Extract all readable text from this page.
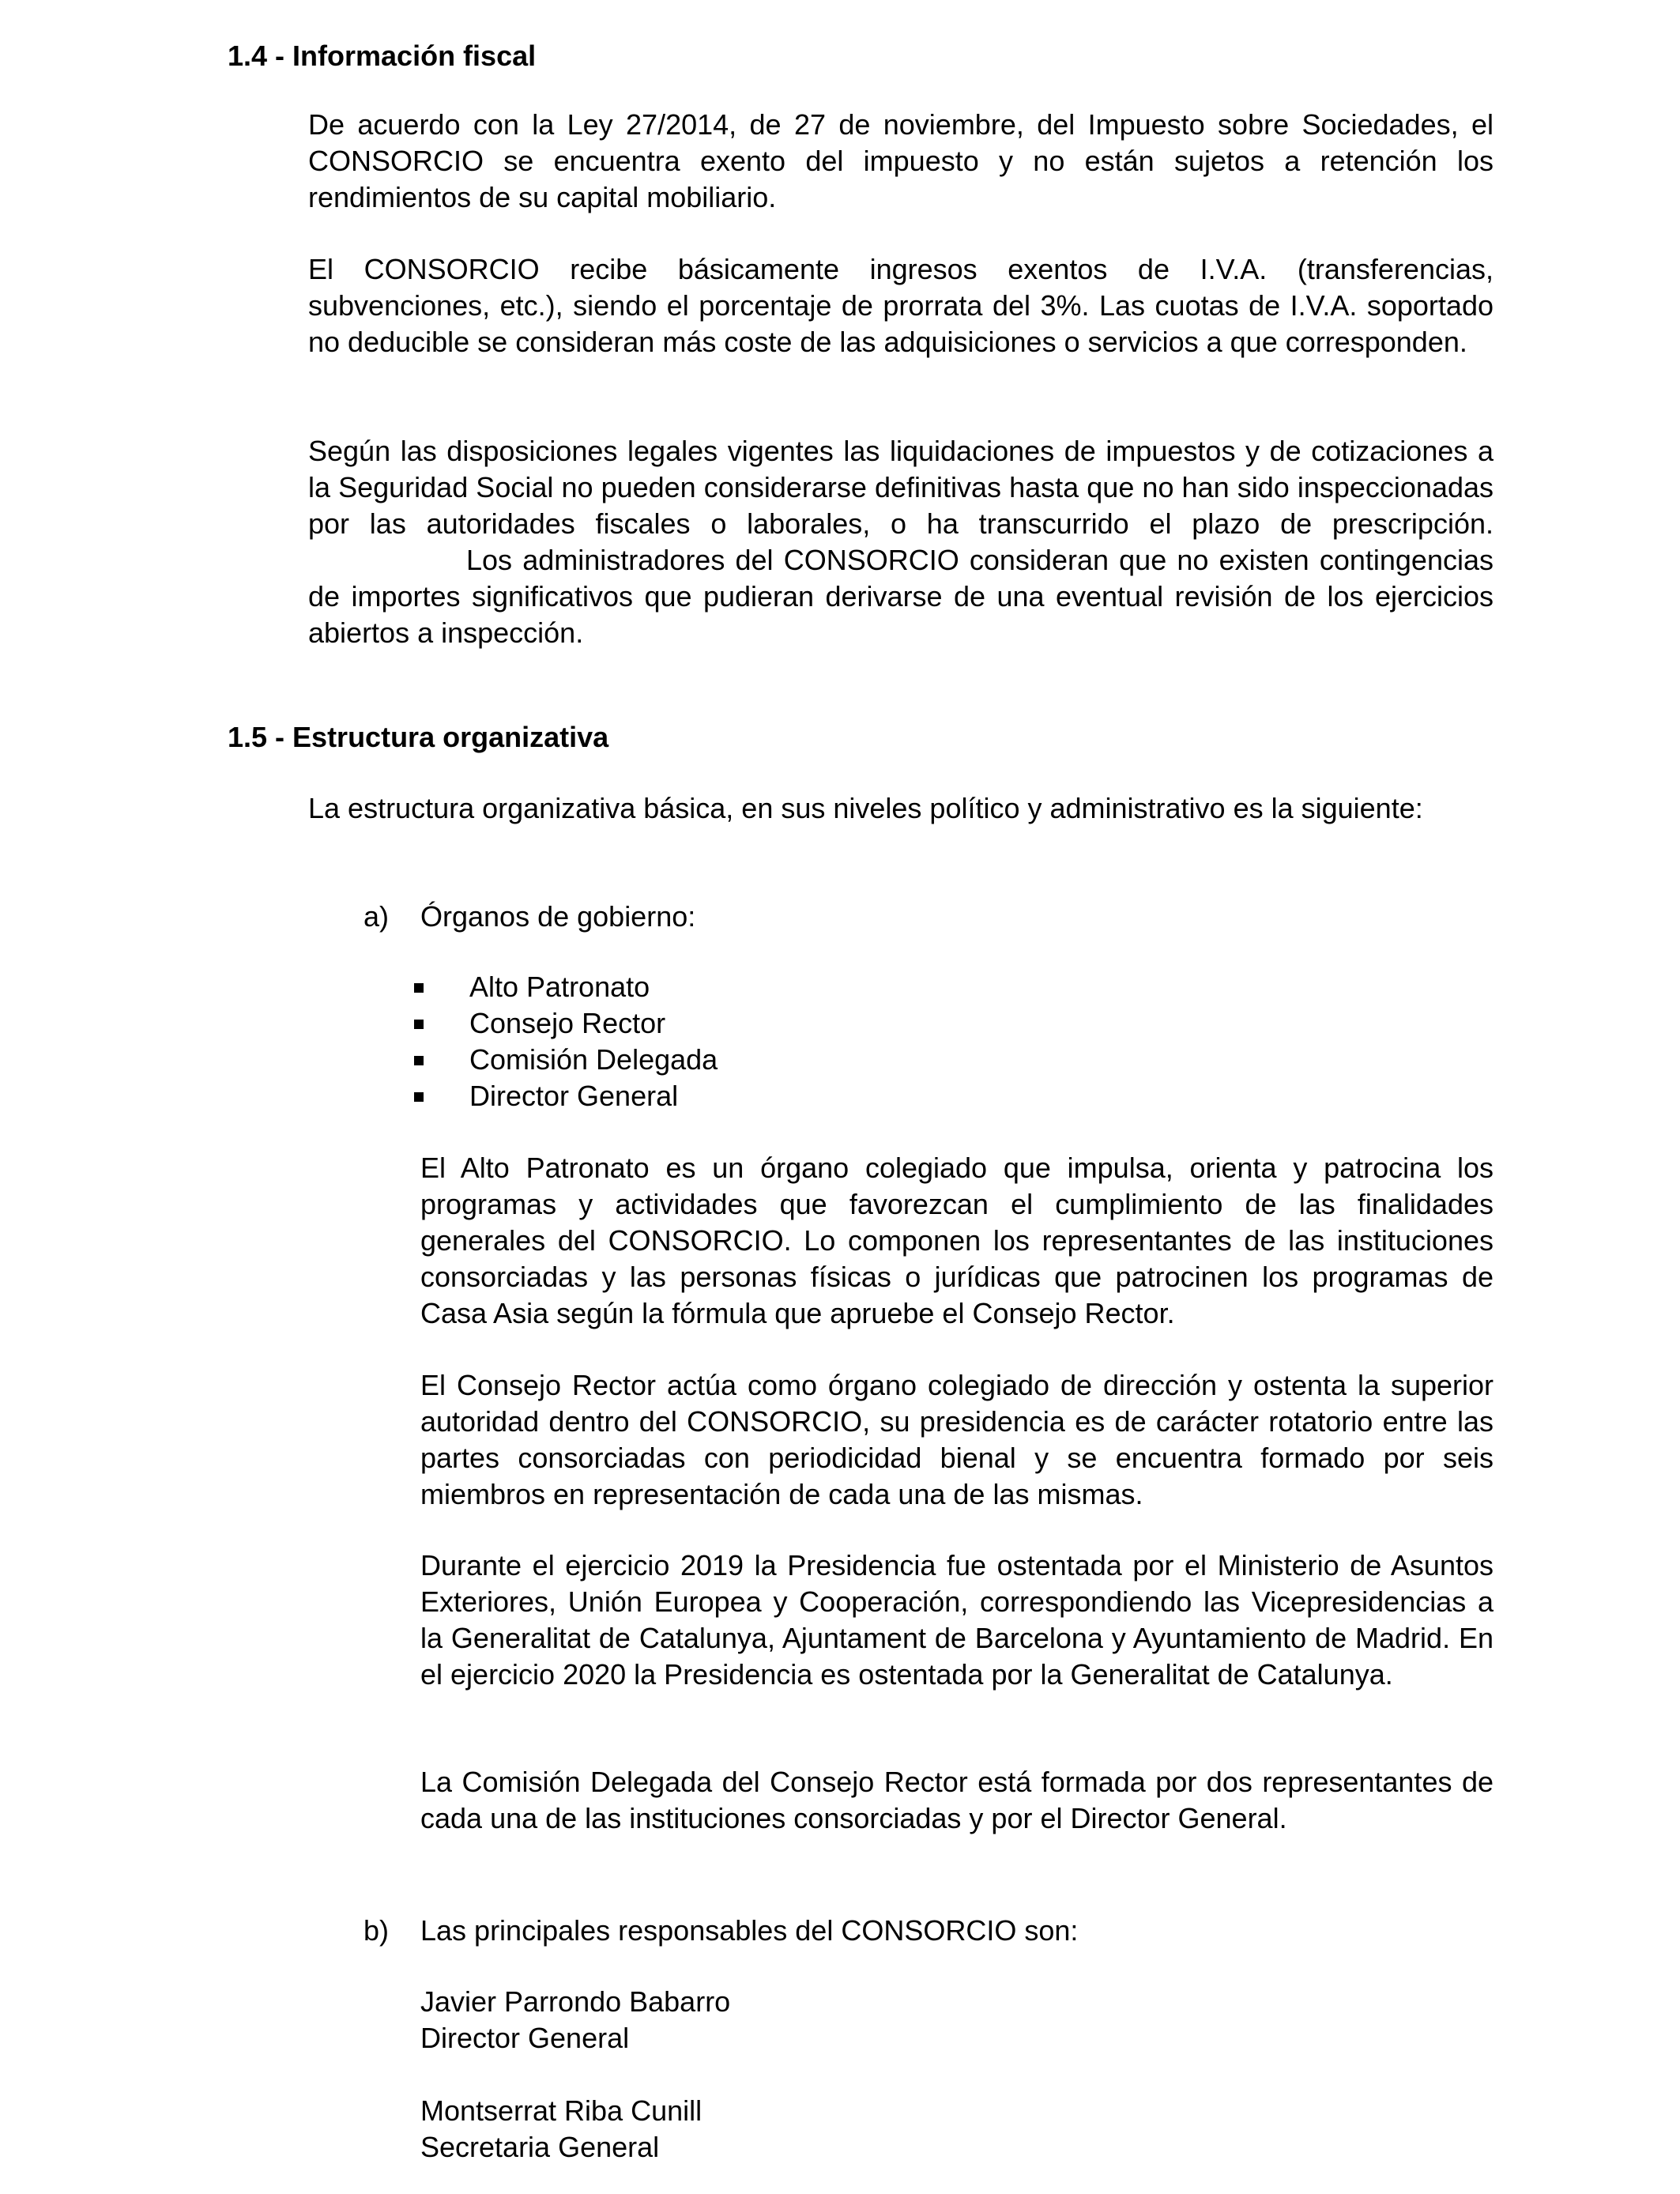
1.4 - Información fiscal

De acuerdo con la Ley 27/2014, de 27 de noviembre, del Impuesto sobre Sociedades, el CONSORCIO se encuentra exento del impuesto y no están sujetos a retención los rendimientos de su capital mobiliario.

El CONSORCIO recibe básicamente ingresos exentos de I.V.A. (transferencias, subvenciones, etc.), siendo el porcentaje de prorrata del 3%. Las cuotas de I.V.A. soportado no deducible se consideran más coste de las adquisiciones o servicios a que corresponden.

Según las disposiciones legales vigentes las liquidaciones de impuestos y de cotizaciones a la Seguridad Social no pueden considerarse definitivas hasta que no han sido inspeccionadas por las autoridades fiscales o laborales, o ha transcurrido el plazo de prescripción.Los administradores del CONSORCIO consideran que no existen contingencias de importes significativos que pudieran derivarse de una eventual revisión de los ejercicios abiertos a inspección.

1.5 - Estructura organizativa

La estructura organizativa básica, en sus niveles político y administrativo es la siguiente:

a) Órganos de gobierno:
Alto Patronato
Consejo Rector
Comisión Delegada
Director General

El Alto Patronato es un órgano colegiado que impulsa, orienta y patrocina los programas y actividades que favorezcan el cumplimiento de las finalidades generales del CONSORCIO. Lo componen los representantes de las instituciones consorciadas y las personas físicas o jurídicas que patrocinen los programas de Casa Asia según la fórmula que apruebe el Consejo Rector.

El Consejo Rector actúa como órgano colegiado de dirección y ostenta la superior autoridad dentro del CONSORCIO, su presidencia es de carácter rotatorio entre las partes consorciadas con periodicidad bienal y se encuentra formado por seis miembros en representación de cada una de las mismas.

Durante el ejercicio 2019 la Presidencia fue ostentada por el Ministerio de Asuntos Exteriores, Unión Europea y Cooperación, correspondiendo las Vicepresidencias a la Generalitat de Catalunya, Ajuntament de Barcelona y Ayuntamiento de Madrid. En el ejercicio 2020 la Presidencia es ostentada por la Generalitat de Catalunya.

La Comisión Delegada del Consejo Rector está formada por dos representantes de cada una de las instituciones consorciadas y por el Director General.

b) Las principales responsables del CONSORCIO son:
Javier Parrondo Babarro
Director General
Montserrat Riba Cunill
Secretaria General
